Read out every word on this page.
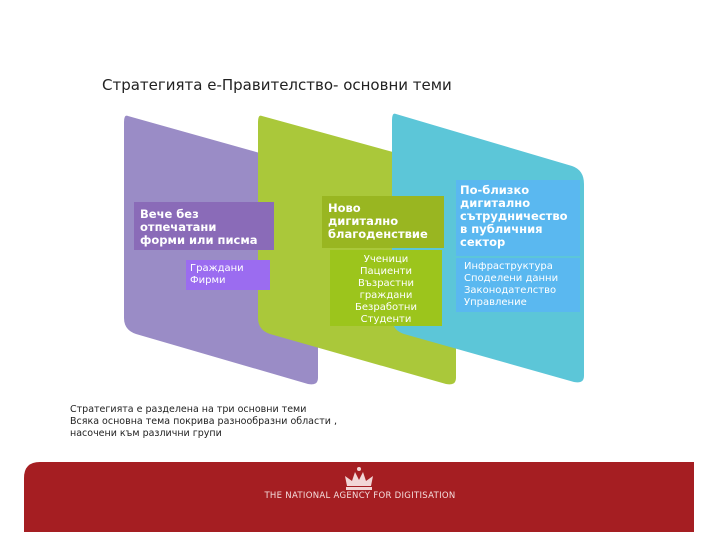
Стратегията е-Правителство- основни теми
Вече без
отпечатани
форми или писма
Граждани
Фирми
Ново
дигитално
благоденствие
Ученици
Пациенти
Възрастни
граждани
Безработни
Студенти
По-близко
дигитално
сътрудничество
в публичния
сектор
Инфраструктура
Споделени данни
Законодателство
Управление
Стратегията е разделена на три основни теми
Всяка основна тема покрива разнообразни области ,
насочени към различни групи
THE NATIONAL AGENCY FOR DIGITISATION
